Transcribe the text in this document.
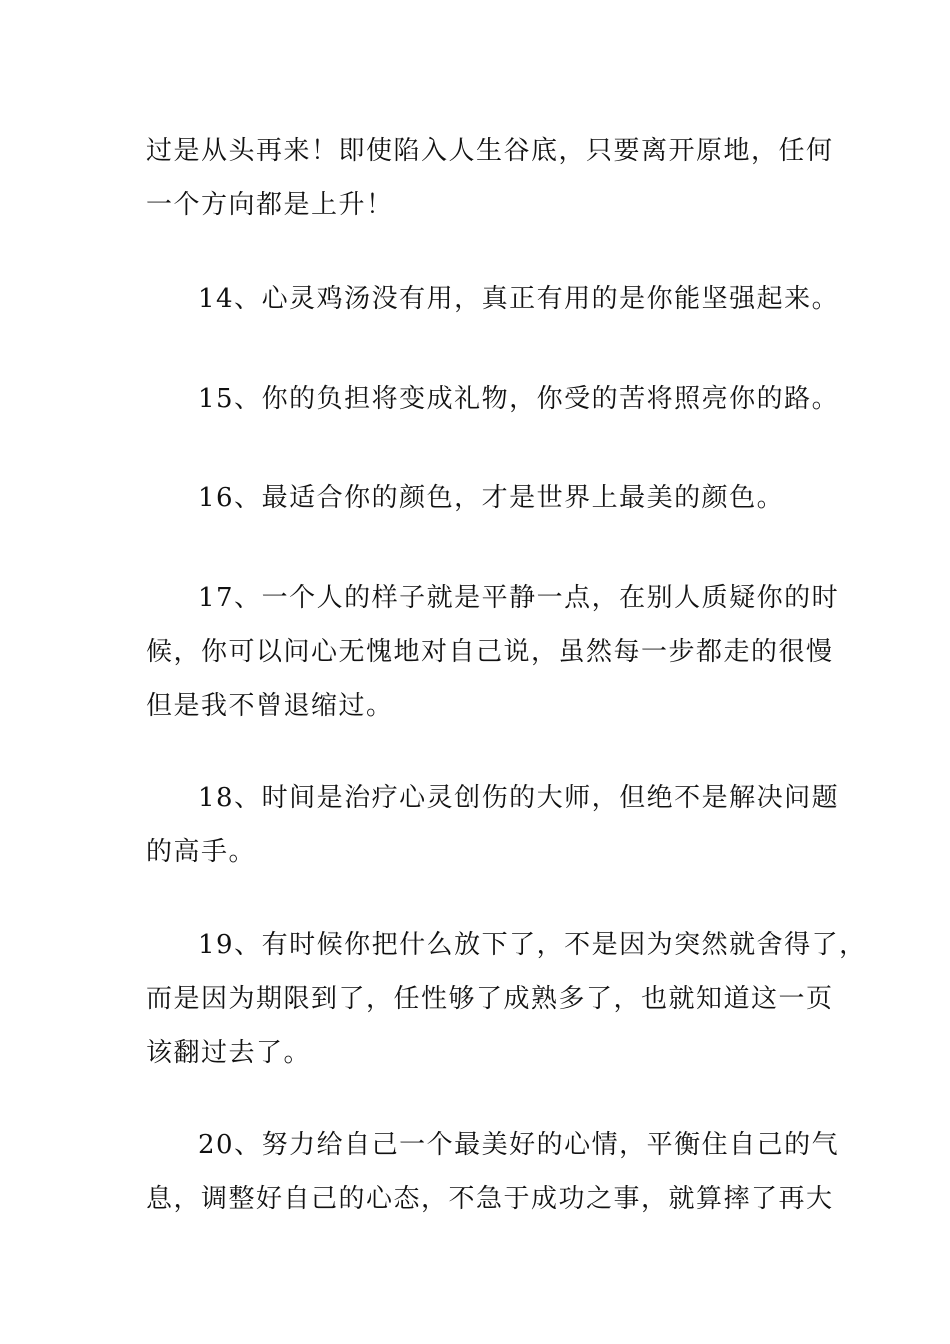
过是从头再来！即使陷入人生谷底，只要离开原地，任何
一个方向都是上升！
14、心灵鸡汤没有用，真正有用的是你能坚强起来。
15、你的负担将变成礼物，你受的苦将照亮你的路。
16、最适合你的颜色，才是世界上最美的颜色。
17、一个人的样子就是平静一点，在别人质疑你的时
候，你可以问心无愧地对自己说，虽然每一步都走的很慢
但是我不曾退缩过。
18、时间是治疗心灵创伤的大师，但绝不是解决问题
的高手。
19、有时候你把什么放下了，不是因为突然就舍得了，
而是因为期限到了，任性够了成熟多了，也就知道这一页
该翻过去了。
20、努力给自己一个最美好的心情，平衡住自己的气
息，调整好自己的心态，不急于成功之事，就算摔了再大
